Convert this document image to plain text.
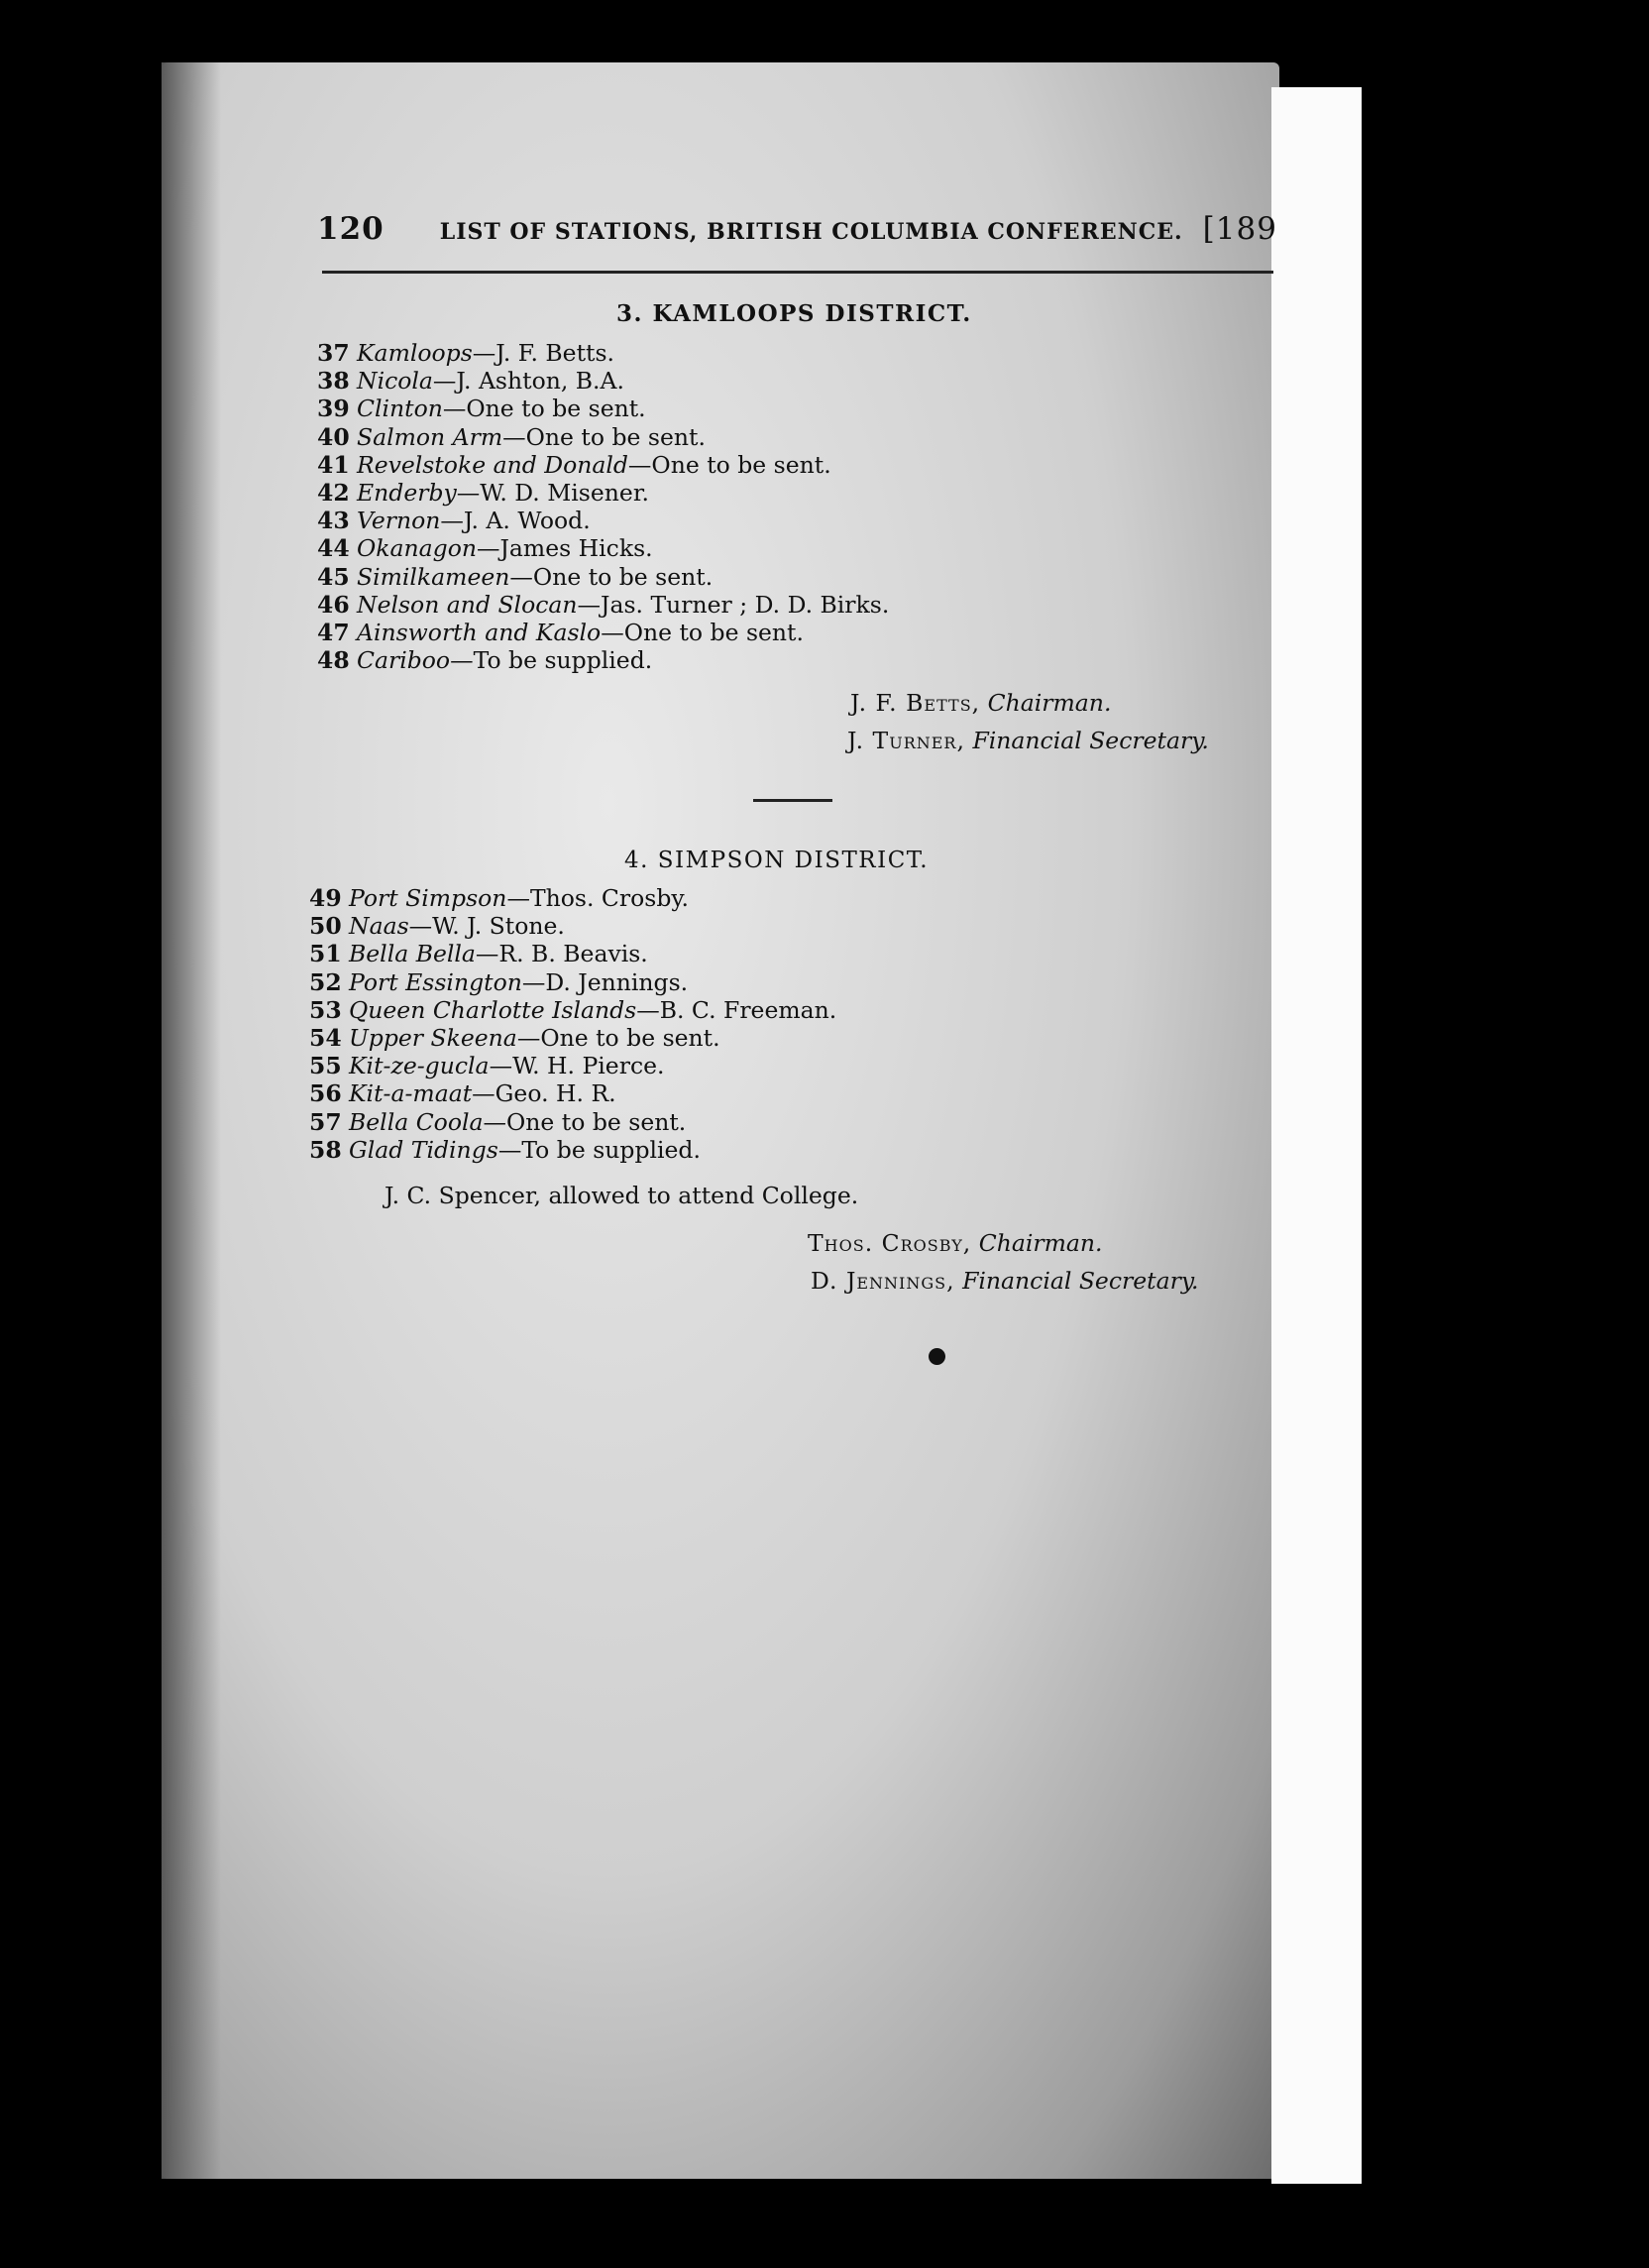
120	LIST OF STATIONS, BRITISH COLUMBIA CONFERENCE. [189
3. KAMLOOPS DISTRICT.
37 Kamloops—J. F. Betts.
38 Nicola—J. Ashton, B.A.
39 Clinton—One to be sent.
40 Salmon Arm—One to be sent.
41 Revelstoke and Donald—One to be sent.
42 Enderby—W. D. Misener.
43 Vernon—J. A. Wood.
44 Okanagon—James Hicks.
45 Similkameen—One to be sent.
46 Nelson and Slocan—Jas. Turner ; D. D. Birks.
47 Ainsworth and Kaslo—One to be sent.
48 Cariboo—To be supplied.
J. F. Betts, Chairman.
J. Turner, Financial Secretary.
4. SIMPSON DISTRICT.
49 Port Simpson—Thos. Crosby.
50 Naas—W. J. Stone.
51 Bella Bella—R. B. Beavis.
52 Port Essington—D. Jennings.
53 Queen Charlotte Islands—B. C. Freeman.
54 Upper Skeena—One to be sent.
55 Kit-ze-gucla—W. H. Pierce.
56 Kit-a-maat—Geo. H. R.
57 Bella Coola—One to be sent.
58 Glad Tidings—To be supplied.
J. C. Spencer, allowed to attend College.
Thos. Crosby, Chairman.
D. Jennings, Financial Secretary.
